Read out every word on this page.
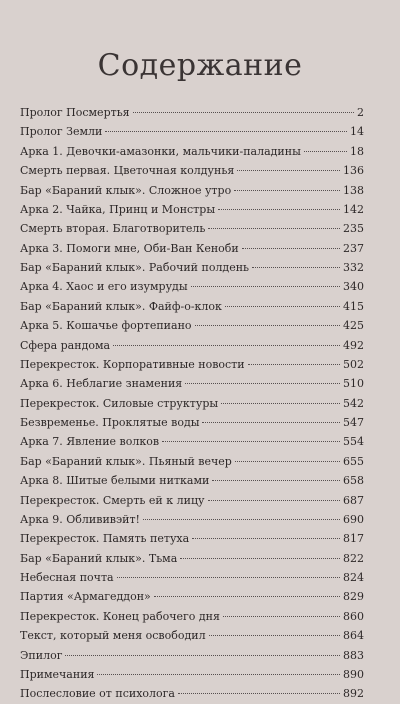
Содержание
Пролог Посмертья	2
Пролог Земли	14
Арка 1. Девочки-амазонки, мальчики-паладины	18
Смерть первая. Цветочная колдунья	136
Бар «Бараний клык». Сложное утро	138
Арка 2. Чайка, Принц и Монстры	142
Смерть вторая. Благотворитель	235
Арка 3. Помоги мне, Оби-Ван Кеноби	237
Бар «Бараний клык». Рабочий полдень	332
Арка 4. Хаос и его изумруды	340
Бар «Бараний клык». Файф-о-клок	415
Арка 5. Кошачье фортепиано	425
Сфера рандома	492
Перекресток. Корпоративные новости	502
Арка 6. Неблагие знамения	510
Перекресток. Силовые структуры	542
Безвременье. Проклятые воды	547
Арка 7. Явление волков	554
Бар «Бараний клык». Пьяный вечер	655
Арка 8. Шитые белыми нитками	658
Перекресток. Смерть ей к лицу	687
Арка 9. Облививэйт!	690
Перекресток. Память петуха	817
Бар «Бараний клык». Тьма	822
Небесная почта	824
Партия «Армагеддон»	829
Перекресток. Конец рабочего дня	860
Текст, который меня освободил	864
Эпилог	883
Примечания	890
Послесловие от психолога	892
